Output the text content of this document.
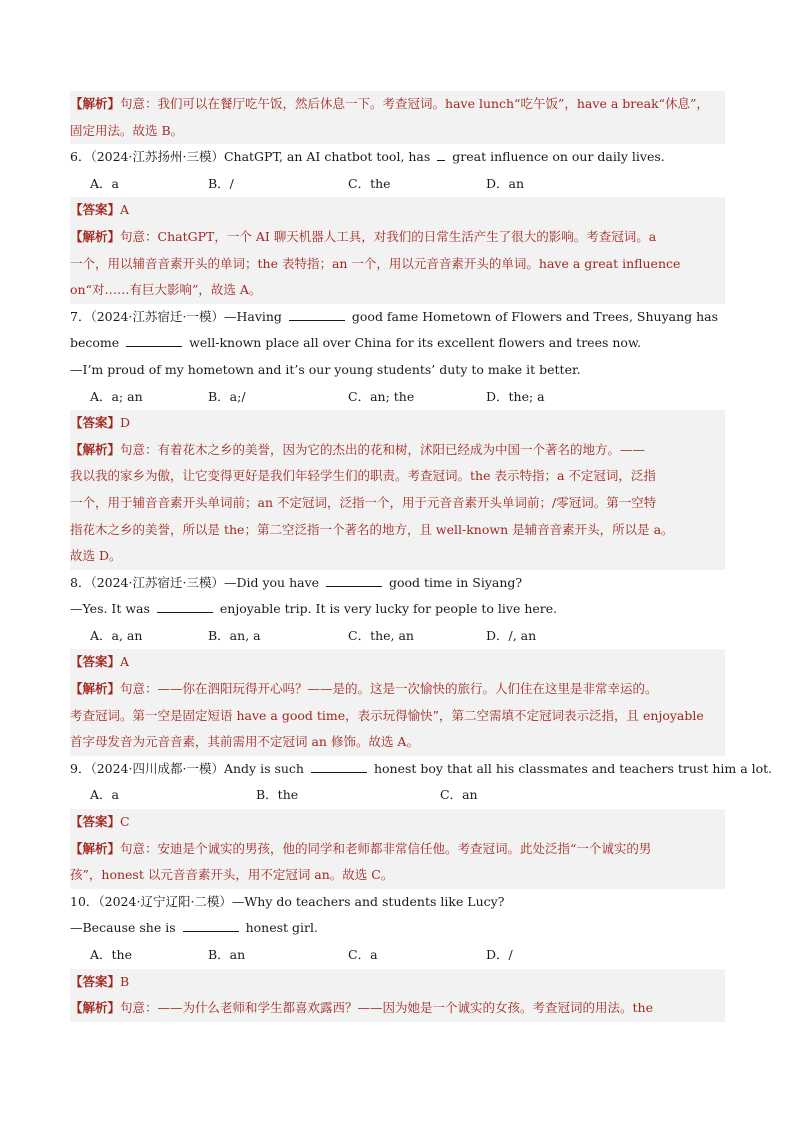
【解析】句意：我们可以在餐厅吃午饭，然后休息一下。考查冠词。have lunch“吃午饭”，have a break“休息”，
固定用法。故选 B。
6．（2024·江苏扬州·三模）ChatGPT, an AI chatbot tool, has  great influence on our daily lives.
A．a	B．/	C．the	D．an
【答案】A
【解析】句意：ChatGPT，一个 AI 聊天机器人工具，对我们的日常生活产生了很大的影响。考查冠词。a
一个，用以辅音音素开头的单词；the 表特指；an 一个，用以元音音素开头的单词。have a great influence
on“对……有巨大影响”，故选 A。
7．（2024·江苏宿迁·一模）—Having	good fame Hometown of Flowers and Trees, Shuyang has
become	well-known place all over China for its excellent flowers and trees now.
—I’m proud of my hometown and it’s our young students’ duty to make it better.
A．a; an	B．a;/	C．an; the	D．the; a
【答案】D
【解析】句意：有着花木之乡的美誉，因为它的杰出的花和树，沭阳已经成为中国一个著名的地方。——
我以我的家乡为傲，让它变得更好是我们年轻学生们的职责。考查冠词。the 表示特指；a 不定冠词，泛指
一个，用于辅音音素开头单词前；an 不定冠词，泛指一个，用于元音音素开头单词前；/零冠词。第一空特
指花木之乡的美誉，所以是 the；第二空泛指一个著名的地方，且 well-known 是辅音音素开头，所以是 a。
故选 D。
8．（2024·江苏宿迁·三模）—Did you have	good time in Siyang?
—Yes. It was	enjoyable trip. It is very lucky for people to live here.
A．a, an	B．an, a	C．the, an	D．/, an
【答案】A
【解析】句意：——你在泗阳玩得开心吗？——是的。这是一次愉快的旅行。人们住在这里是非常幸运的。
考查冠词。第一空是固定短语 have a good time，表示玩得愉快”，第二空需填不定冠词表示泛指，且 enjoyable
首字母发音为元音音素，其前需用不定冠词 an 修饰。故选 A。
9．（2024·四川成都·一模）Andy is such	honest boy that all his classmates and teachers trust him a lot.
A．a	B．the	C．an
【答案】C
【解析】句意：安迪是个诚实的男孩，他的同学和老师都非常信任他。考查冠词。此处泛指“一个诚实的男
孩”，honest 以元音音素开头，用不定冠词 an。故选 C。
10．（2024·辽宁辽阳·二模）—Why do teachers and students like Lucy?
—Because she is	honest girl.
A．the	B．an	C．a	D．/
【答案】B
【解析】句意：——为什么老师和学生都喜欢露西？——因为她是一个诚实的女孩。考查冠词的用法。the
